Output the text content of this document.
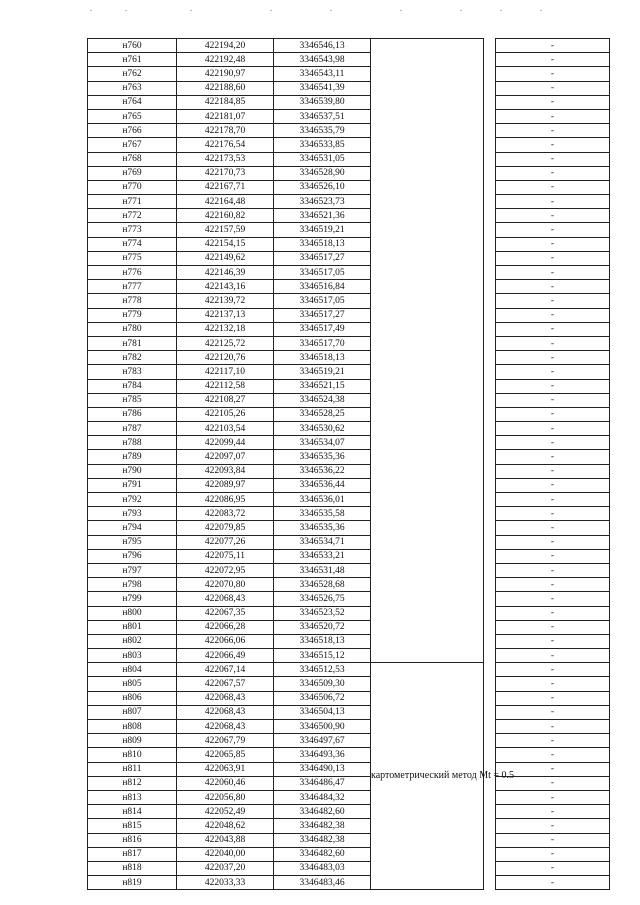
н760	422194,20	3346546,13			-
н761	422192,48	3346543,98			-
н762	422190,97	3346543,11			-
н763	422188,60	3346541,39			-
н764	422184,85	3346539,80			-
н765	422181,07	3346537,51			-
н766	422178,70	3346535,79			-
н767	422176,54	3346533,85			-
н768	422173,53	3346531,05			-
н769	422170,73	3346528,90			-
н770	422167,71	3346526,10			-
н771	422164,48	3346523,73			-
н772	422160,82	3346521,36			-
н773	422157,59	3346519,21			-
н774	422154,15	3346518,13			-
н775	422149,62	3346517,27			-
н776	422146,39	3346517,05			-
н777	422143,16	3346516,84			-
н778	422139,72	3346517,05			-
н779	422137,13	3346517,27			-
н780	422132,18	3346517,49			-
н781	422125,72	3346517,70			-
н782	422120,76	3346518,13			-
н783	422117,10	3346519,21			-
н784	422112,58	3346521,15			-
н785	422108,27	3346524,38			-
н786	422105,26	3346528,25			-
н787	422103,54	3346530,62			-
н788	422099,44	3346534,07			-
н789	422097,07	3346535,36			-
н790	422093,84	3346536,22			-
н791	422089,97	3346536,44			-
н792	422086,95	3346536,01			-
н793	422083,72	3346535,58			-
н794	422079,85	3346535,36			-
н795	422077,26	3346534,71			-
н796	422075,11	3346533,21			-
н797	422072,95	3346531,48			-
н798	422070,80	3346528,68			-
н799	422068,43	3346526,75			-
н800	422067,35	3346523,52			-
н801	422066,28	3346520,72			-
н802	422066,06	3346518,13			-
н803	422066,49	3346515,12			-
н804	422067,14	3346512,53	картометрический метод Mt = 0.5		-
н805	422067,57	3346509,30			-
н806	422068,43	3346506,72			-
н807	422068,43	3346504,13			-
н808	422068,43	3346500,90			-
н809	422067,79	3346497,67			-
н810	422065,85	3346493,36			-
н811	422063,91	3346490,13			-
н812	422060,46	3346486,47			-
н813	422056,80	3346484,32			-
н814	422052,49	3346482,60			-
н815	422048,62	3346482,38			-
н816	422043,88	3346482,38			-
н817	422040,00	3346482,60			-
н818	422037,20	3346483,03			-
н819	422033,33	3346483,46			-
